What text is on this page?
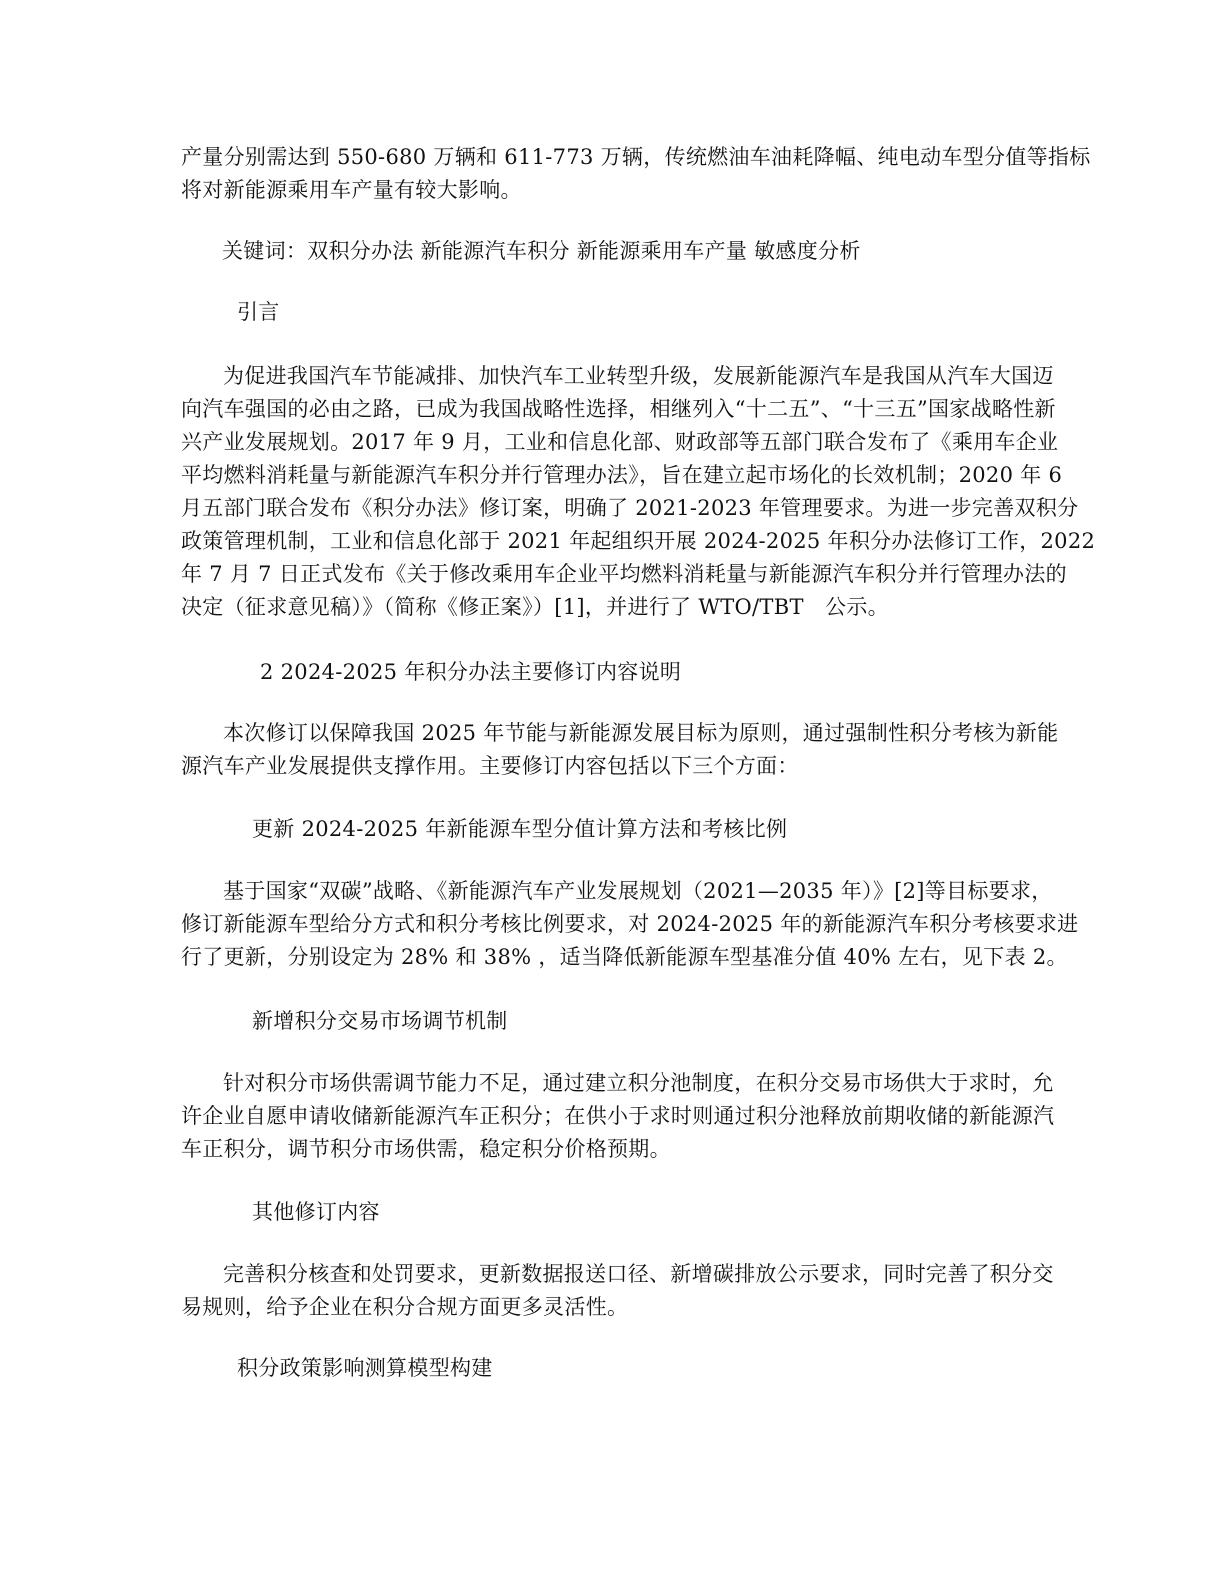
产量分别需达到 550-680 万辆和 611-773 万辆，传统燃油车油耗降幅、纯电动车型分值等指标
将对新能源乘用车产量有较大影响。

关键词：双积分办法 新能源汽车积分 新能源乘用车产量 敏感度分析

引言

为促进我国汽车节能减排、加快汽车工业转型升级，发展新能源汽车是我国从汽车大国迈
向汽车强国的必由之路，已成为我国战略性选择，相继列入“十二五”、“十三五”国家战略性新
兴产业发展规划。2017 年 9 月，工业和信息化部、财政部等五部门联合发布了《乘用车企业
平均燃料消耗量与新能源汽车积分并行管理办法》，旨在建立起市场化的长效机制；2020 年 6
月五部门联合发布《积分办法》修订案，明确了 2021-2023 年管理要求。为进一步完善双积分
政策管理机制，工业和信息化部于 2021 年起组织开展 2024-2025 年积分办法修订工作，2022
年 7 月 7 日正式发布《关于修改乘用车企业平均燃料消耗量与新能源汽车积分并行管理办法的
决定（征求意见稿）》（简称《修正案》）[1]，并进行了 WTO/TBT　公示。

2 2024-2025 年积分办法主要修订内容说明

本次修订以保障我国 2025 年节能与新能源发展目标为原则，通过强制性积分考核为新能
源汽车产业发展提供支撑作用。主要修订内容包括以下三个方面：

更新 2024-2025 年新能源车型分值计算方法和考核比例

基于国家“双碳”战略、《新能源汽车产业发展规划（2021—2035 年）》[2]等目标要求，
修订新能源车型给分方式和积分考核比例要求，对 2024-2025 年的新能源汽车积分考核要求进
行了更新，分别设定为 28% 和 38% ，适当降低新能源车型基准分值 40% 左右，见下表 2。

新增积分交易市场调节机制

针对积分市场供需调节能力不足，通过建立积分池制度，在积分交易市场供大于求时，允
许企业自愿申请收储新能源汽车正积分；在供小于求时则通过积分池释放前期收储的新能源汽
车正积分，调节积分市场供需，稳定积分价格预期。

其他修订内容

完善积分核查和处罚要求，更新数据报送口径、新增碳排放公示要求，同时完善了积分交
易规则，给予企业在积分合规方面更多灵活性。

积分政策影响测算模型构建
